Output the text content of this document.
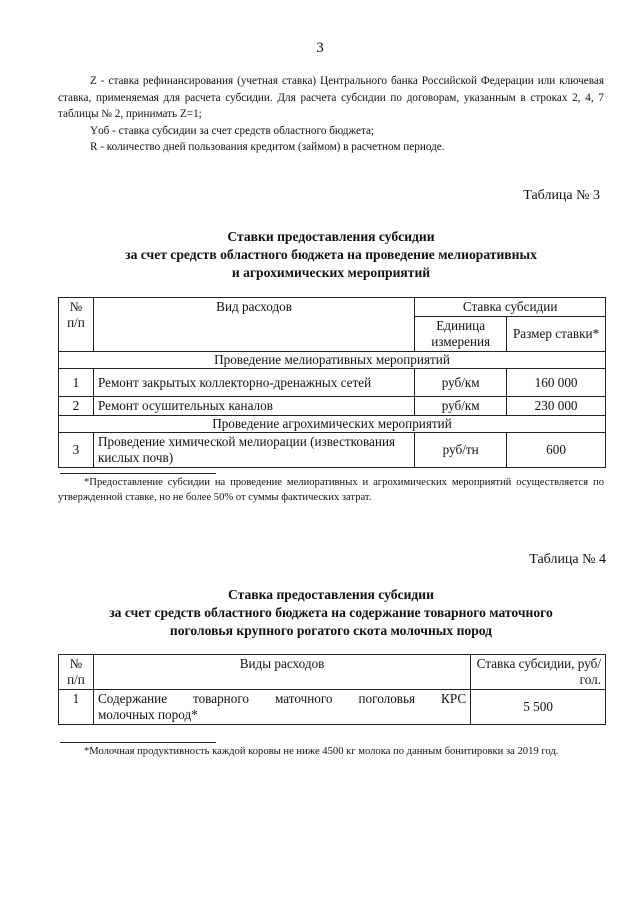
3

Z - ставка рефинансирования (учетная ставка) Центрального банка Российской Федерации или ключевая ставка, применяемая для расчета субсидии. Для расчета субсидии по договорам, указанным в строках 2, 4, 7 таблицы № 2, принимать Z=1;

Yоб - ставка субсидии за счет средств областного бюджета;

R - количество дней пользования кредитом (займом) в расчетном периоде.

Таблица № 3
Ставки предоставления субсидии
за счет средств областного бюджета на проведение мелиоративных
и агрохимических мероприятий
№ п/п	Вид расходов	Ставка субсидии	
		Единица измерения	Размер ставки*
Проведение мелиоративных мероприятий			
1	Ремонт закрытых коллекторно-дренажных сетей	руб/км	160 000
2	Ремонт осушительных каналов	руб/км	230 000
Проведение агрохимических мероприятий			
3	Проведение химической мелиорации (известкования кислых почв)	руб/тн	600

*Предоставление субсидии на проведение мелиоративных и агрохимических мероприятий осуществляется по утвержденной ставке, но не более 50% от суммы фактических затрат.

Таблица № 4
Ставка предоставления субсидии
за счет средств областного бюджета на содержание товарного маточного
поголовья крупного рогатого скота молочных пород
№ п/п	Виды расходов	Ставка субсидии, руб/гол.
1	Содержание товарного маточного поголовья КРС
молочных пород*	5 500

*Молочная продуктивность каждой коровы не ниже 4500 кг молока по данным бонитировки за 2019 год.
